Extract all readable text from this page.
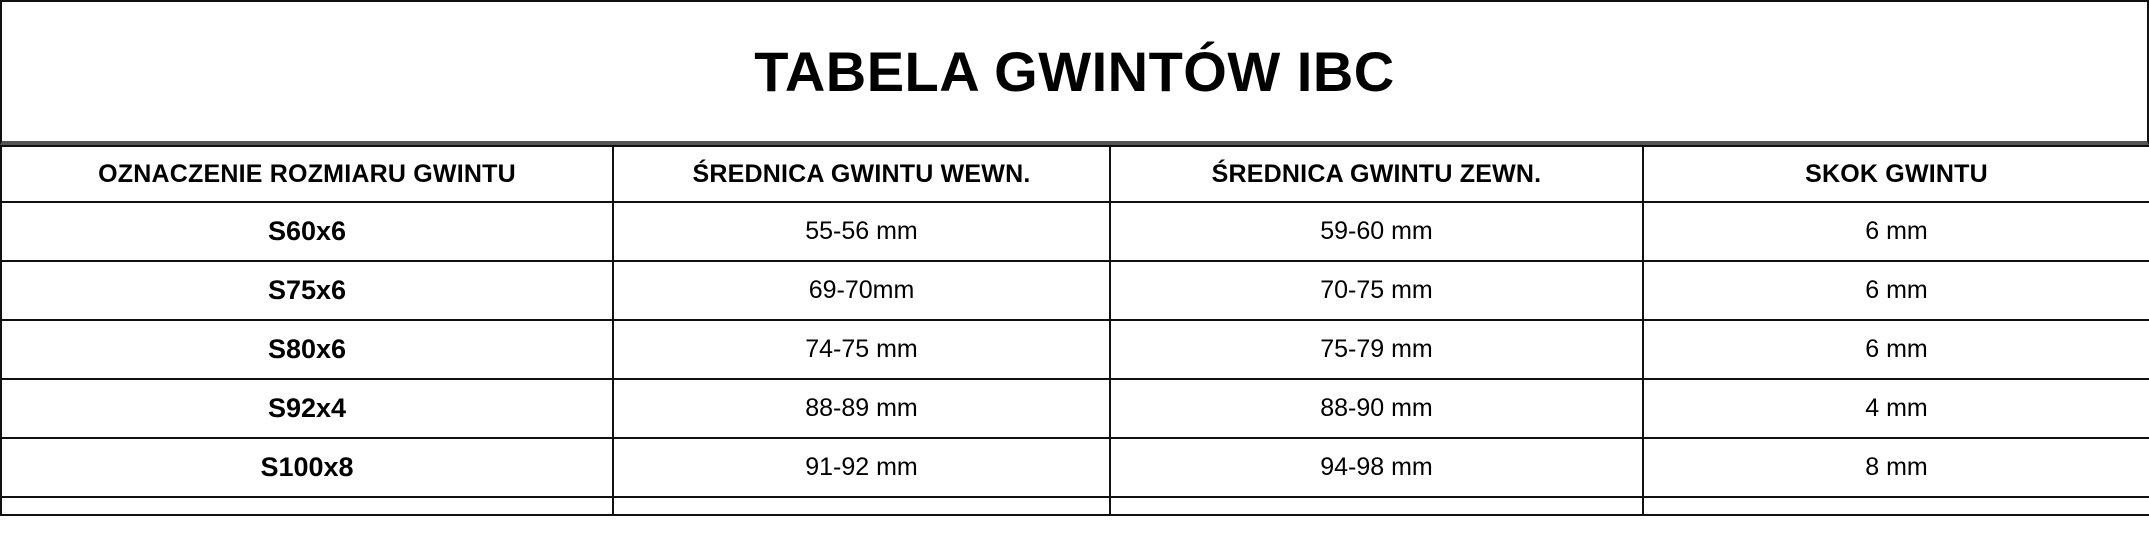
TABELA GWINTÓW IBC
OZNACZENIE ROZMIARU GWINTU	ŚREDNICA GWINTU WEWN.	ŚREDNICA GWINTU ZEWN.	SKOK GWINTU
S60x6	55-56 mm	59-60 mm	6 mm
S75x6	69-70mm	70-75 mm	6 mm
S80x6	74-75 mm	75-79 mm	6 mm
S92x4	88-89 mm	88-90 mm	4 mm
S100x8	91-92 mm	94-98 mm	8 mm
